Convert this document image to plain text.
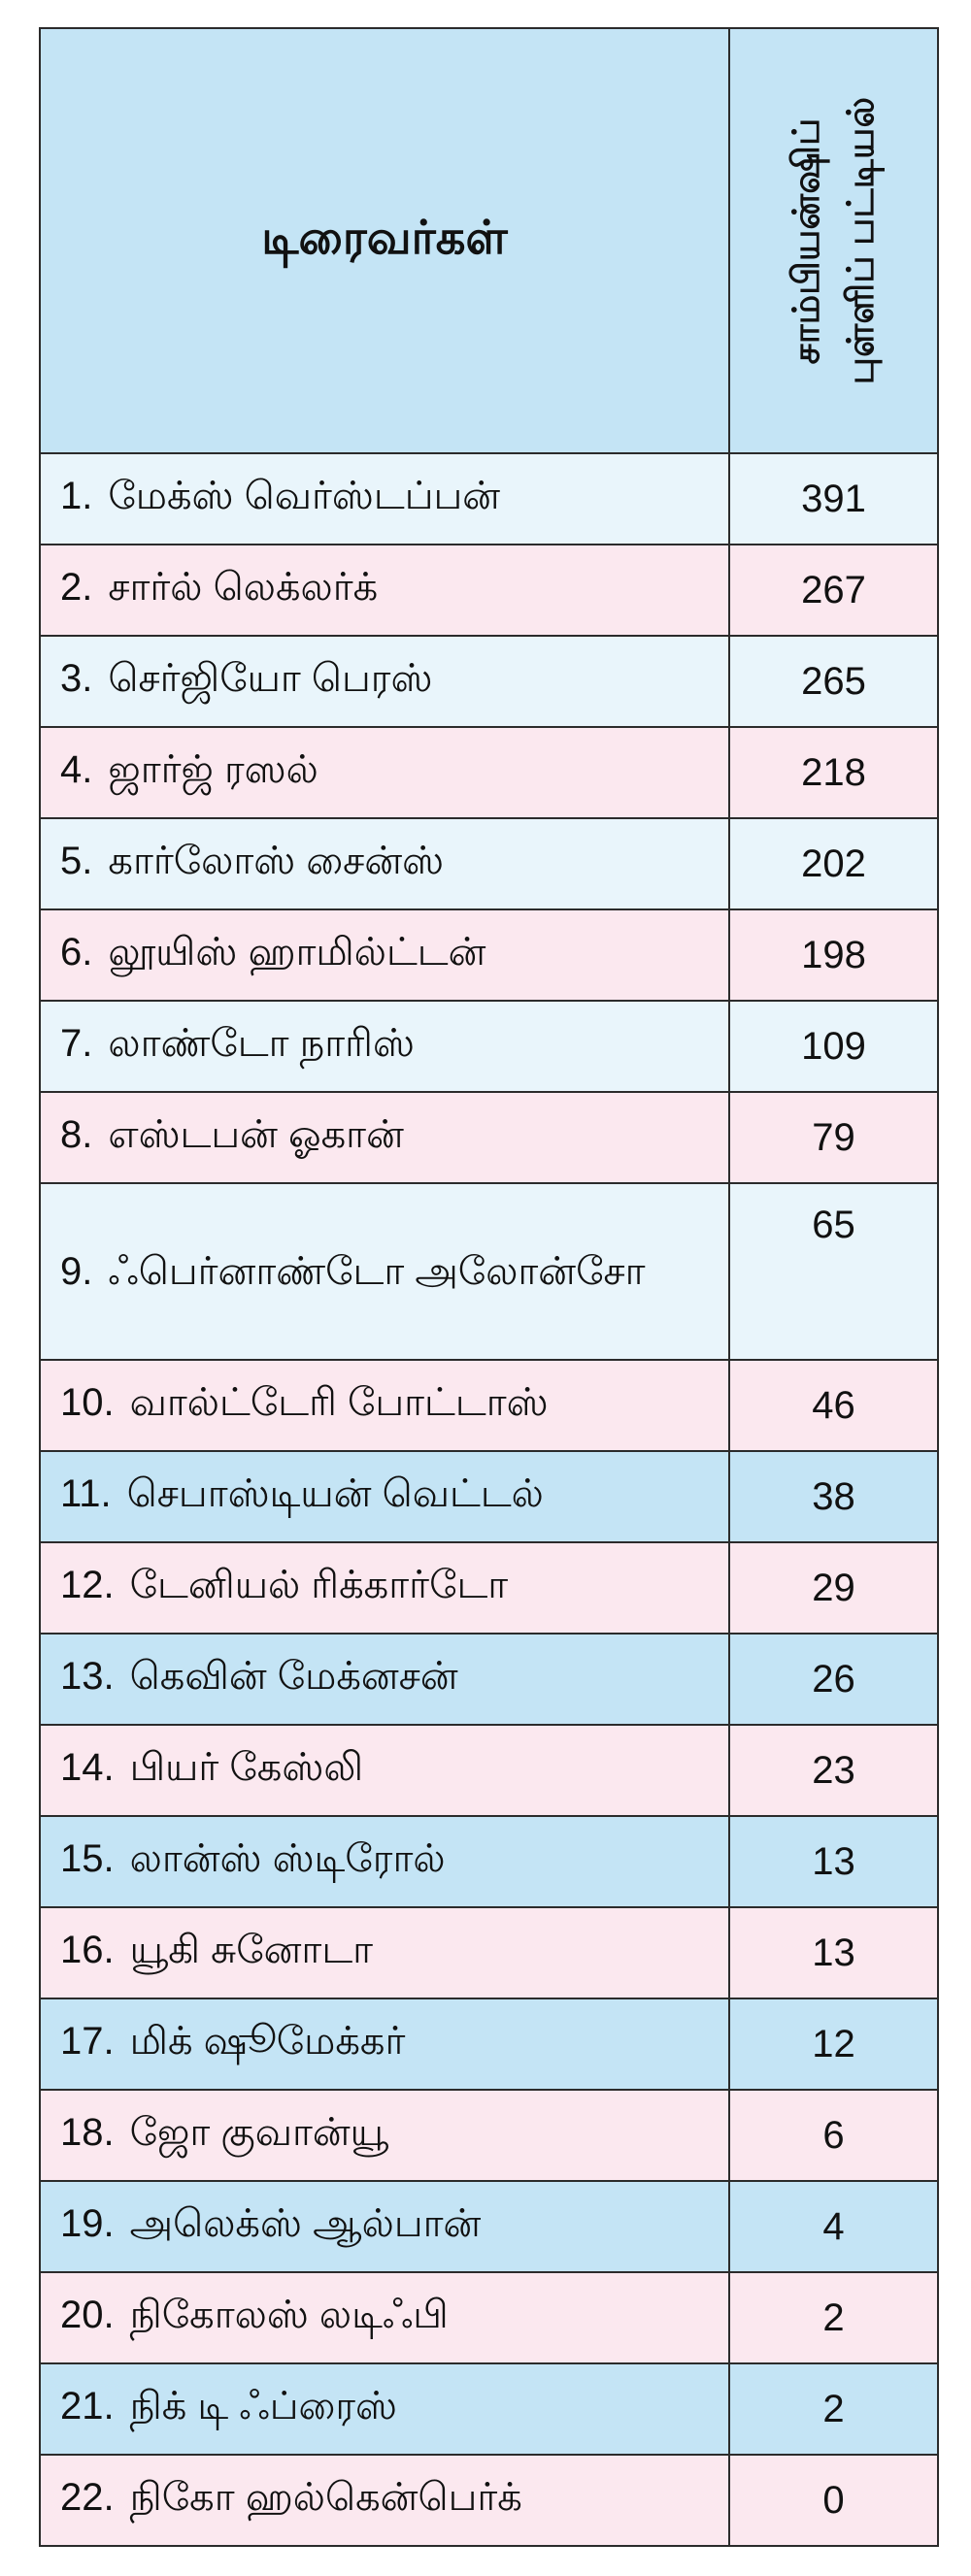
டிரைவர்கள்	சாம்பியன்ஷிப் புள்ளிப் பட்டியல்

1. மேக்ஸ் வெர்ஸ்டப்பன்	391
2. சார்ல் லெக்லர்க்	267
3. செர்ஜியோ பெரஸ்	265
4. ஜார்ஜ் ரஸல்	218
5. கார்லோஸ் சைன்ஸ்	202
6. லூயிஸ் ஹாமில்ட்டன்	198
7. லாண்டோ நாரிஸ்	109
8. எஸ்டபன் ஓகான்	79
9. ஃபெர்னாண்டோ அலோன்சோ	65
10. வால்ட்டேரி போட்டாஸ்	46
11. செபாஸ்டியன் வெட்டல்	38
12. டேனியல் ரிக்கார்டோ	29
13. கெவின் மேக்னசன்	26
14. பியர் கேஸ்லி	23
15. லான்ஸ் ஸ்டிரோல்	13
16. யூகி சுனோடா	13
17. மிக் ஷூமேக்கர்	12
18. ஜோ குவான்யூ	6
19. அலெக்ஸ் ஆல்பான்	4
20. நிகோலஸ் லடிஃபி	2
21. நிக் டி ஃப்ரைஸ்	2
22. நிகோ ஹல்கென்பெர்க்	0
